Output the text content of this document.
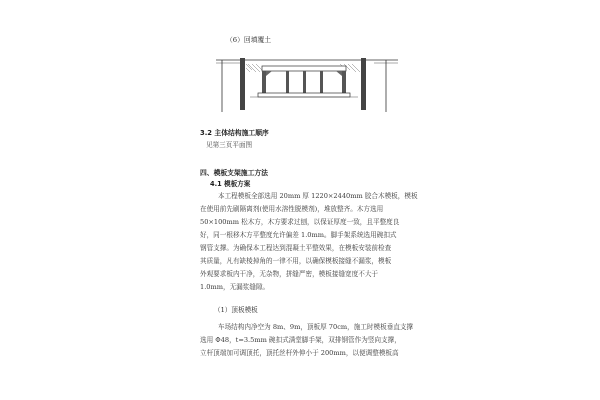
（6）回填覆土
3.2 主体结构施工顺序
见第三页平面图
四、模板支架施工方法
4.1 模板方案
本工程模板全部选用 20mm 厚 1220×2440mm 胶合木模板，模板
在使用前先刷隔离剂(使用水溶性脱模剂)，堆放整齐。木方选用
50×100mm 松木方，木方要求过刨，以保证厚度一致，且平整度良
好，同一根移木方平整度允许偏差 1.0mm。脚手架系统选用碗扣式
钢管支撑。为确保本工程达到混凝土平整效果，在模板安装前检查
其质量，凡有缺棱掉角的一律不用，以确保模板接缝不漏浆，模板
外观要求板内干净，无杂物，拼缝严密，模板接缝宽度不大于
1.0mm，无漏浆缝隙。
（1）顶板模板
车场结构内净空为 8m、9m，顶板厚 70cm，施工时模板垂直支撑
选用 Φ48，t=3.5mm 碗扣式满堂脚手架，双排钢管作为竖向支撑，
立杆顶端加可调顶托，顶托丝杆外伸小于 200mm，以便调整模板高
